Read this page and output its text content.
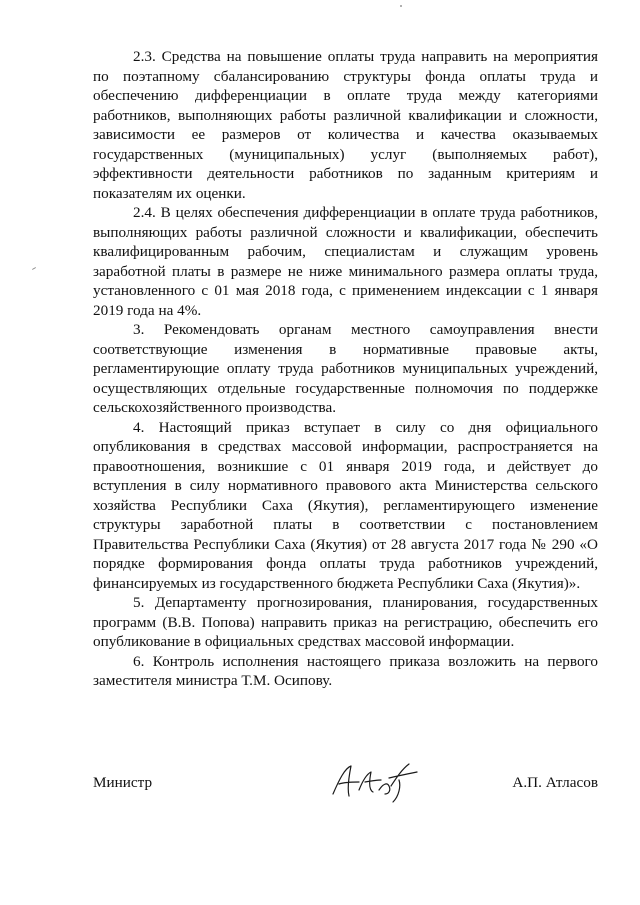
2.3. Средства на повышение оплаты труда направить на мероприятия по поэтапному сбалансированию структуры фонда оплаты труда и обеспечению дифференциации в оплате труда между категориями работников, выполняющих работы различной квалификации и сложности, зависимости ее размеров от количества и качества оказываемых государственных (муниципальных) услуг (выполняемых работ), эффективности деятельности работников по заданным критериям и показателям их оценки.

2.4. В целях обеспечения дифференциации в оплате труда работников, выполняющих работы различной сложности и квалификации, обеспечить квалифицированным рабочим, специалистам и служащим уровень заработной платы в размере не ниже минимального размера оплаты труда, установленного с 01 мая 2018 года, с применением индексации с 1 января 2019 года на 4%.

3. Рекомендовать органам местного самоуправления внести соответствующие изменения в нормативные правовые акты, регламентирующие оплату труда работников муниципальных учреждений, осуществляющих отдельные государственные полномочия по поддержке сельскохозяйственного производства.

4. Настоящий приказ вступает в силу со дня официального опубликования в средствах массовой информации, распространяется на правоотношения, возникшие с 01 января 2019 года, и действует до вступления в силу нормативного правового акта Министерства сельского хозяйства Республики Саха (Якутия), регламентирующего изменение структуры заработной платы в соответствии с постановлением Правительства Республики Саха (Якутия) от 28 августа 2017 года № 290 «О порядке формирования фонда оплаты труда работников учреждений, финансируемых из государственного бюджета Республики Саха (Якутия)».

5. Департаменту прогнозирования, планирования, государственных программ (В.В. Попова) направить приказ на регистрацию, обеспечить его опубликование в официальных средствах массовой информации.

6. Контроль исполнения настоящего приказа возложить на первого заместителя министра Т.М. Осипову.

Министр	А.П. Атласов
